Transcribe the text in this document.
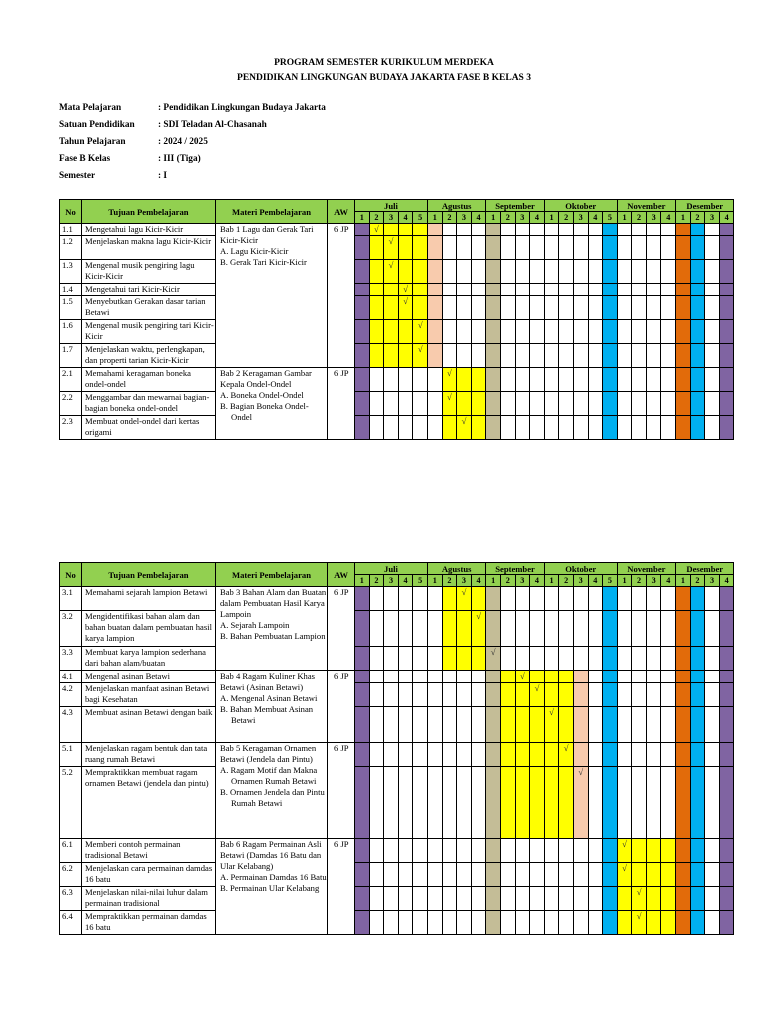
PROGRAM SEMESTER KURIKULUM MERDEKA
PENDIDIKAN LINGKUNGAN BUDAYA JAKARTA FASE B KELAS 3
Mata Pelajaran	: Pendidikan Lingkungan Budaya Jakarta
Satuan Pendidikan	: SDI Teladan Al-Chasanah
Tahun Pelajaran	: 2024 / 2025
Fase B Kelas	: III (Tiga)
Semester	: I
No	Tujuan Pembelajaran	Materi Pembelajaran	AW	Juli					Agustus				September				Oktober					November				Desember			
				1	2	3	4	5	1	2	3	4	1	2	3	4	1	2	3	4	5	1	2	3	4	1	2	3	4
1.1	Mengetahui lagu Kicir-Kicir	Bab 1 Lagu dan Gerak Tari Kicir-Kicir
A. Lagu Kicir-Kicir
B. Gerak Tari Kicir-Kicir	6 JP		√																								
1.2	Menjelaskan makna lagu Kicir-Kicir					√																							
1.3	Mengenal musik pengiring lagu Kicir-Kicir					√																							
1.4	Mengetahui tari Kicir-Kicir						√																						
1.5	Menyebutkan Gerakan dasar tarian Betawi						√																						
1.6	Mengenal musik pengiring tari Kicir-Kicir							√																					
1.7	Menjelaskan waktu, perlengkapan, dan properti tarian Kicir-Kicir							√																					
2.1	Memahami keragaman boneka ondel-ondel	Bab 2 Keragaman Gambar Kepala Ondel-Ondel
A. Boneka Ondel-Ondel
B. Bagian Boneka Ondel-Ondel	6 JP							√																			
2.2	Menggambar dan mewarnai bagian-bagian boneka ondel-ondel									√																			
2.3	Membuat ondel-ondel dari kertas origami										√																		
No	Tujuan Pembelajaran	Materi Pembelajaran	AW	Juli					Agustus				September				Oktober					November				Desember			
				1	2	3	4	5	1	2	3	4	1	2	3	4	1	2	3	4	5	1	2	3	4	1	2	3	4
3.1	Memahami sejarah lampion Betawi	Bab 3 Bahan Alam dan Buatan dalam Pembuatan Hasil Karya Lampoin
A. Sejarah Lampoin
B. Bahan Pembuatan Lampion	6 JP								√																		
3.2	Mengidentifikasi bahan alam dan bahan buatan dalam pembuatan hasil karya lampion											√																	
3.3	Membuat karya lampion sederhana dari bahan alam/buatan												√																
4.1	Mengenal asinan Betawi	Bab 4 Ragam Kuliner Khas Betawi (Asinan Betawi)
A. Mengenal Asinan Betawi
B. Bahan Membuat Asinan Betawi	6 JP												√														
4.2	Menjelaskan manfaat asinan Betawi bagi Kesehatan															√													
4.3	Membuat asinan Betawi dengan baik																√												
5.1	Menjelaskan ragam bentuk dan tata ruang rumah Betawi	Bab 5 Keragaman Ornamen Betawi (Jendela dan Pintu)
A. Ragam Motif dan Makna Ornamen Rumah Betawi
B. Ornamen Jendela dan Pintu Rumah Betawi	6 JP															√											
5.2	Mempraktikkan membuat ragam ornamen Betawi (jendela dan pintu)																		√										
6.1	Memberi contoh permainan tradisional Betawi	Bab 6 Ragam Permainan Asli Betawi (Damdas 16 Batu dan Ular Kelabang)
A. Permainan Damdas 16 Batu
B. Permainan Ular Kelabang	6 JP																			√							
6.2	Menjelaskan cara permainan damdas 16 batu																					√							
6.3	Menjelaskan nilai-nilai luhur dalam permainan tradisional																						√						
6.4	Mempraktikkan permainan damdas 16 batu																						√						
